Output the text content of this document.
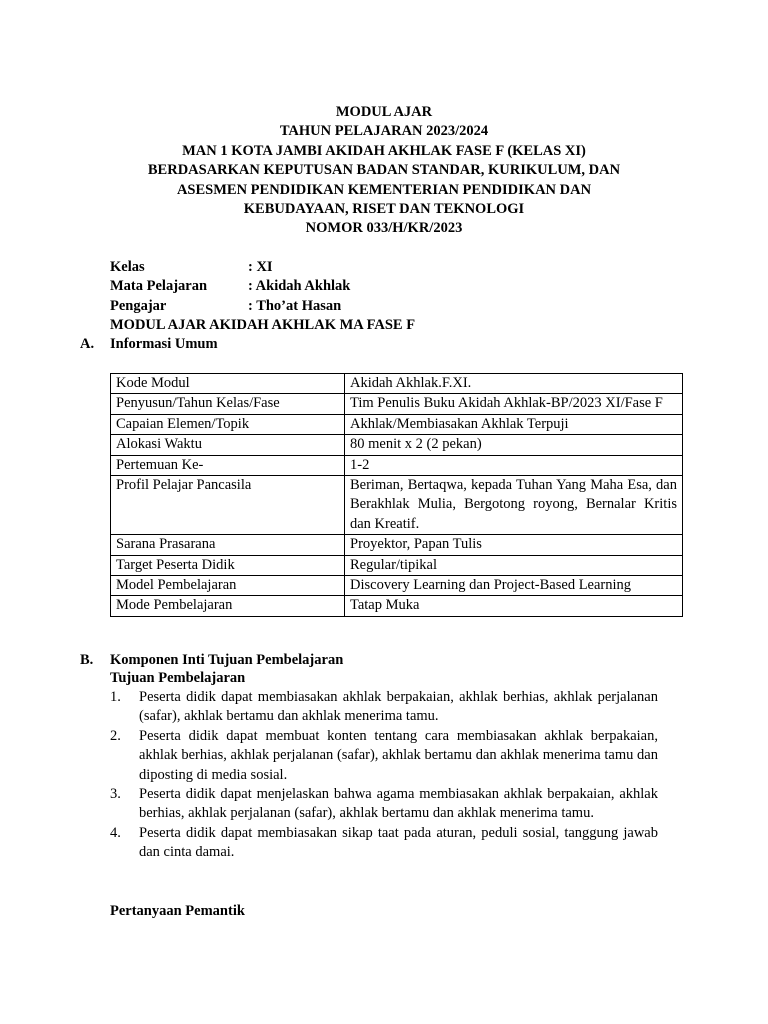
MODUL AJAR
TAHUN PELAJARAN 2023/2024
MAN 1 KOTA JAMBI AKIDAH AKHLAK FASE F (KELAS XI)
BERDASARKAN KEPUTUSAN BADAN STANDAR, KURIKULUM, DAN
ASESMEN PENDIDIKAN KEMENTERIAN PENDIDIKAN DAN
KEBUDAYAAN, RISET DAN TEKNOLOGI
NOMOR 033/H/KR/2023
Kelas	: XI
Mata Pelajaran	: Akidah Akhlak
Pengajar	: Tho’at Hasan
MODUL AJAR AKIDAH AKHLAK MA FASE F
A. Informasi Umum
Kode Modul	Akidah Akhlak.F.XI.
Penyusun/Tahun Kelas/Fase	Tim Penulis Buku Akidah Akhlak-BP/2023 XI/Fase F
Capaian Elemen/Topik	Akhlak/Membiasakan Akhlak Terpuji
Alokasi Waktu	80 menit x 2 (2 pekan)
Pertemuan Ke-	1-2
Profil Pelajar Pancasila	Beriman, Bertaqwa, kepada Tuhan Yang Maha Esa, dan Berakhlak Mulia, Bergotong royong, Bernalar Kritis dan Kreatif.
Sarana Prasarana	Proyektor, Papan Tulis
Target Peserta Didik	Regular/tipikal
Model Pembelajaran	Discovery Learning dan Project-Based Learning
Mode Pembelajaran	Tatap Muka
B. Komponen Inti Tujuan Pembelajaran
Tujuan Pembelajaran
1. Peserta didik dapat membiasakan akhlak berpakaian, akhlak berhias, akhlak perjalanan (safar), akhlak bertamu dan akhlak menerima tamu.
2. Peserta didik dapat membuat konten tentang cara membiasakan akhlak berpakaian, akhlak berhias, akhlak perjalanan (safar), akhlak bertamu dan akhlak menerima tamu dan diposting di media sosial.
3. Peserta didik dapat menjelaskan bahwa agama membiasakan akhlak berpakaian, akhlak berhias, akhlak perjalanan (safar), akhlak bertamu dan akhlak menerima tamu.
4. Peserta didik dapat membiasakan sikap taat pada aturan, peduli sosial, tanggung jawab dan cinta damai.
Pertanyaan Pemantik
